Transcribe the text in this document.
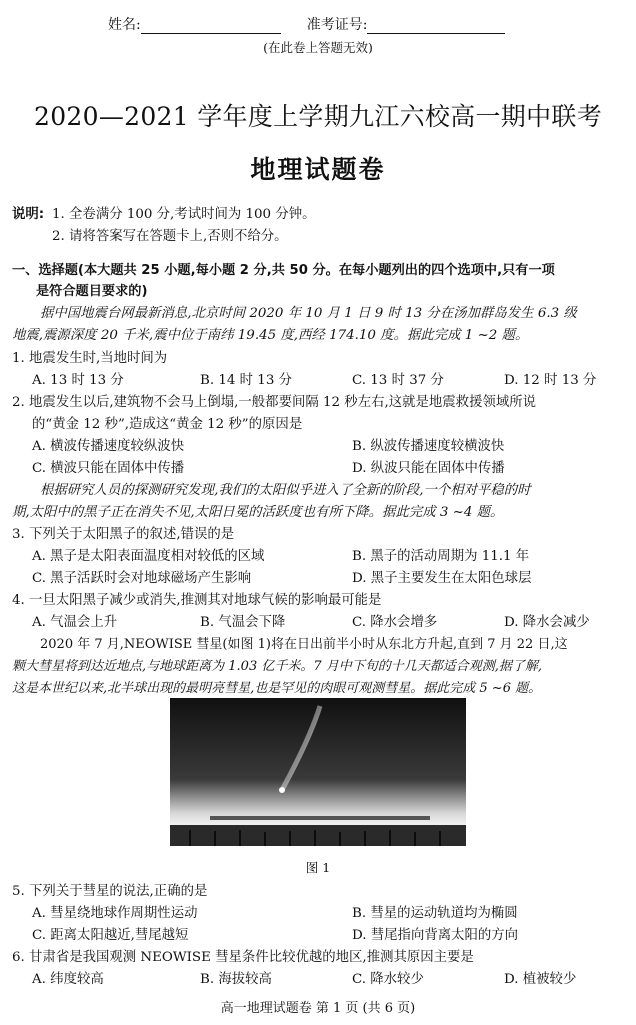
姓名:	准考证号:
(在此卷上答题无效)
2020—2021 学年度上学期九江六校高一期中联考
地理试题卷
说明: 1. 全卷满分 100 分,考试时间为 100 分钟。
2. 请将答案写在答题卡上,否则不给分。
一、选择题(本大题共 25 小题,每小题 2 分,共 50 分。在每小题列出的四个选项中,只有一项
是符合题目要求的)
据中国地震台网最新消息,北京时间 2020 年 10 月 1 日 9 时 13 分在汤加群岛发生 6.3 级
地震,震源深度 20 千米,震中位于南纬 19.45 度,西经 174.10 度。据此完成 1 ~2 题。
1. 地震发生时,当地时间为
A. 13 时 13 分	B. 14 时 13 分	C. 13 时 37 分	D. 12 时 13 分
2. 地震发生以后,建筑物不会马上倒塌,一般都要间隔 12 秒左右,这就是地震救援领域所说
的“黄金 12 秒”,造成这“黄金 12 秒”的原因是
A. 横波传播速度较纵波快	B. 纵波传播速度较横波快
C. 横波只能在固体中传播	D. 纵波只能在固体中传播
根据研究人员的探测研究发现,我们的太阳似乎进入了全新的阶段,一个相对平稳的时
期,太阳中的黑子正在消失不见,太阳日冕的活跃度也有所下降。据此完成 3 ~4 题。
3. 下列关于太阳黑子的叙述,错误的是
A. 黑子是太阳表面温度相对较低的区域	B. 黑子的活动周期为 11.1 年
C. 黑子活跃时会对地球磁场产生影响	D. 黑子主要发生在太阳色球层
4. 一旦太阳黑子减少或消失,推测其对地球气候的影响最可能是
A. 气温会上升	B. 气温会下降	C. 降水会增多	D. 降水会减少
2020 年 7 月,NEOWISE 彗星(如图 1)将在日出前半小时从东北方升起,直到 7 月 22 日,这
颗大彗星将到达近地点,与地球距离为 1.03 亿千米。7 月中下旬的十几天都适合观测,据了解,
这是本世纪以来,北半球出现的最明亮彗星,也是罕见的肉眼可观测彗星。据此完成 5 ~6 题。
图 1
5. 下列关于彗星的说法,正确的是
A. 彗星绕地球作周期性运动	B. 彗星的运动轨道均为椭圆
C. 距离太阳越近,彗尾越短	D. 彗尾指向背离太阳的方向
6. 甘肃省是我国观测 NEOWISE 彗星条件比较优越的地区,推测其原因主要是
A. 纬度较高	B. 海拔较高	C. 降水较少	D. 植被较少
高一地理试题卷 第 1 页 (共 6 页)
